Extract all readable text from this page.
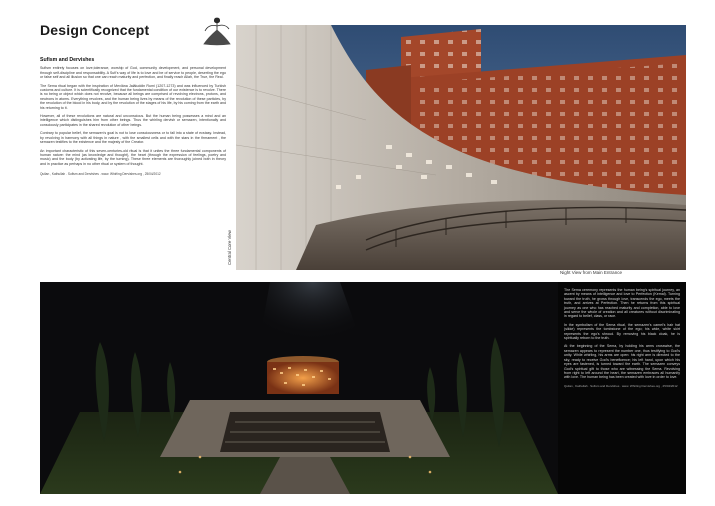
Design Concept
Sufism and Dervishes

Sufism entirely focuses on love,tolerance, worship of God, community development, and personal development through self-discipline and responsability. A Sufi's way of life is to love and be of service to people, deserting the ego or false self and all illusion so that one can reach maturity and perfection, and finally reach Allah, the True, the Real.

The Sema ritual began with the inspiration of Mevlâna Jalâluddin Rumi (1207-1273) and was influenced by Turkish customs and culture. It is scientifically recognized that the fundamental condition of our existence is to revolve. There is no being or object which does not revolve, because all beings are comprised of revolving electrons, protons, and neutrons in atoms. Everything revolves, and the human being lives by means of the revolution of these particles, by the revolution of the blood in his body, and by the revolution of the stages of his life, by his coming from the earth and his returning to it.

However, all of these revolutions are natural and unconscious. But the human being possesses a mind and an intelligence which distinguishes him from other beings. Thus the whirling dervish or semazen, intentionally and consciously participates in the shared revolution of other beings.

Contrary to popular belief, the semazen's goal is not to lose consciousness or to fall into a state of ecstasy. Instead, by revolving in harmony with all things in nature , with the smallest cells and with the stars in the firmament , the semazen testifies to the existence and the majesty of the Creator.

An important characteristic of this seven-centuries-old ritual is that it unites the three fundamental components of human nature: the mind (as knowledge and thought), the heart (through the expression of feelings, poetry and music) and the body (by activating life, by the turning). These three elements are thoroughly joined both in theory and in practice as perhaps in no other ritual or system of thought.

Quilan , Kathullah . Sufism and Dervishes . www. Whirling Dervishes.org , 25/04/2012

Central Core View
Night View from Main Entrance

The Sema ceremony represents the human being's spiritual journey, an ascent by means of intelligence and love to Perfection (Kemal). Turning toward the truth, he grows through love, transcends the ego, meets the truth, and arrives at Perfection. Then he returns from this spiritual journey as one who has reached maturity and completion, able to love and serve the whole of creation and all creatures without discriminating in regard to belief, class, or race.

In the symbolism of the Sema ritual, the semazen's camel's hair hat (sikke) represents the tombstone of the ego; his wide, white skirt represents the ego's shroud. By removing his black cloak, he is spiritually reborn to the truth.

At the beginning of the Sema, by holding his arms crosswise, the semazen appears to represent the number one, thus testifying to God's unity. While whirling, his arms are open: his right arm is directed to the sky, ready to receive God's beneficence; his left hand, upon which his eyes are fastened, is turned toward the earth. The semazen conveys God's spiritual gift to those who are witnessing the Sema. Revolving from right to left around the heart, the semazen embraces all humanity with love. The human being has been created with love in order to love.

Quilan , Kathullah . Sufism and Dervishes . www. Whirling Dervishes.org , 25/04/2012
